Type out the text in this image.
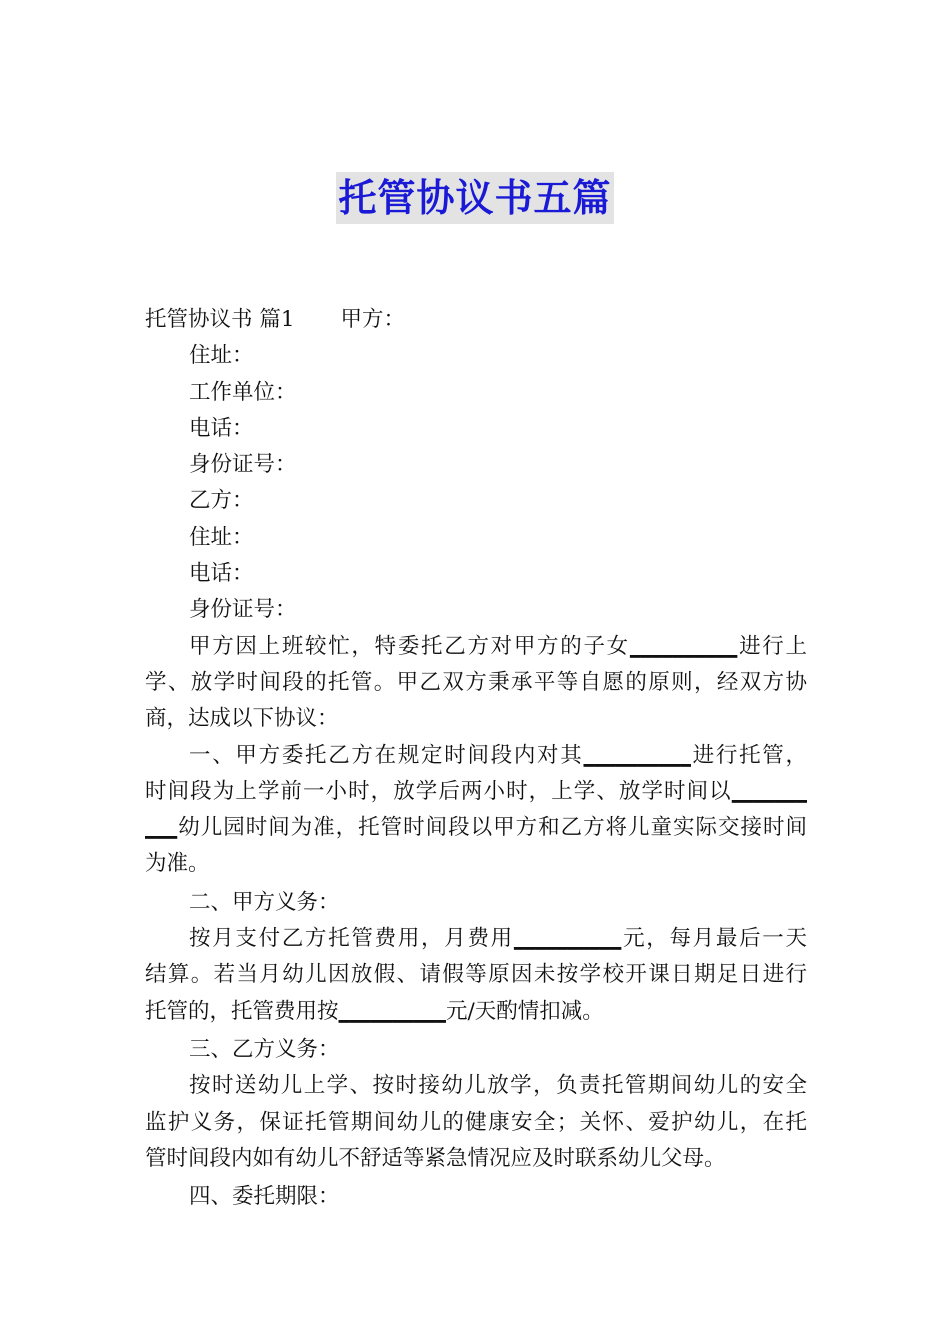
托管协议书五篇
托管协议书 篇1 甲方：
住址：
工作单位：
电话：
身份证号：
乙方：
住址：
电话：
身份证号：
甲方因上班较忙，特委托乙方对甲方的子女__________进行上
学、放学时间段的托管。甲乙双方秉承平等自愿的原则，经双方协
商，达成以下协议：
一、甲方委托乙方在规定时间段内对其__________进行托管，
时间段为上学前一小时，放学后两小时，上学、放学时间以_______
___幼儿园时间为准，托管时间段以甲方和乙方将儿童实际交接时间
为准。
二、甲方义务：
按月支付乙方托管费用，月费用__________元，每月最后一天
结算。若当月幼儿因放假、请假等原因未按学校开课日期足日进行
托管的，托管费用按__________元/天酌情扣减。
三、乙方义务：
按时送幼儿上学、按时接幼儿放学，负责托管期间幼儿的安全
监护义务，保证托管期间幼儿的健康安全；关怀、爱护幼儿，在托
管时间段内如有幼儿不舒适等紧急情况应及时联系幼儿父母。
四、委托期限：
